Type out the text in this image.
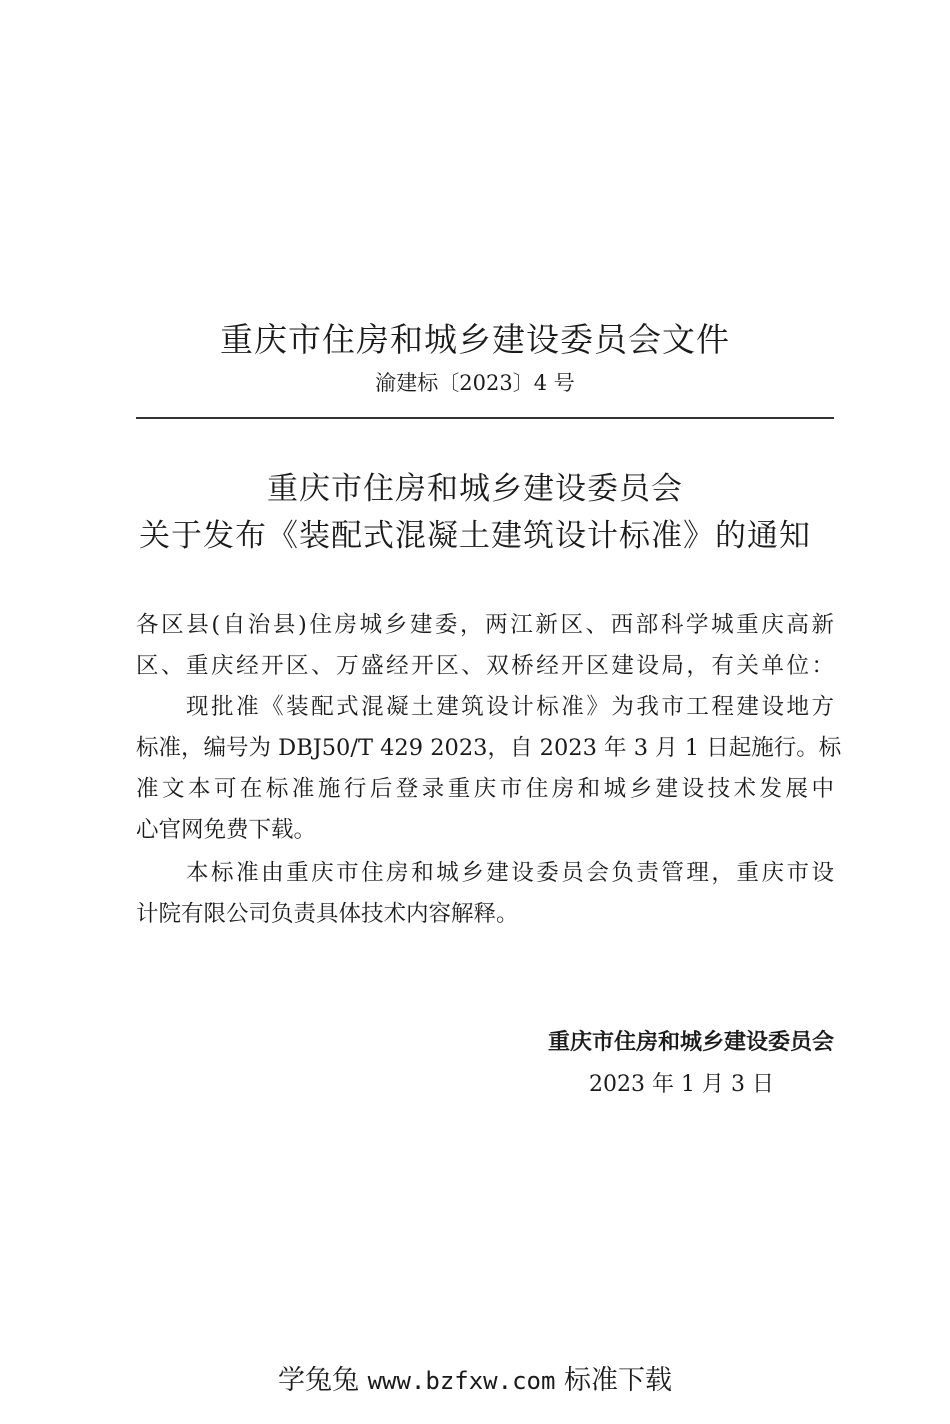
重庆市住房和城乡建设委员会文件
渝建标〔2023〕4 号
重庆市住房和城乡建设委员会
关于发布《装配式混凝土建筑设计标准》的通知
各区县(自治县)住房城乡建委，两江新区、西部科学城重庆高新
区、重庆经开区、万盛经开区、双桥经开区建设局，有关单位：
　　现批准《装配式混凝土建筑设计标准》为我市工程建设地方
标准，编号为 DBJ50/T 429 2023，自 2023 年 3 月 1 日起施行。标
准文本可在标准施行后登录重庆市住房和城乡建设技术发展中
心官网免费下载。
　　本标准由重庆市住房和城乡建设委员会负责管理，重庆市设
计院有限公司负责具体技术内容解释。
重庆市住房和城乡建设委员会
2023 年 1 月 3 日
学兔兔 www.bzfxw.com 标准下载
